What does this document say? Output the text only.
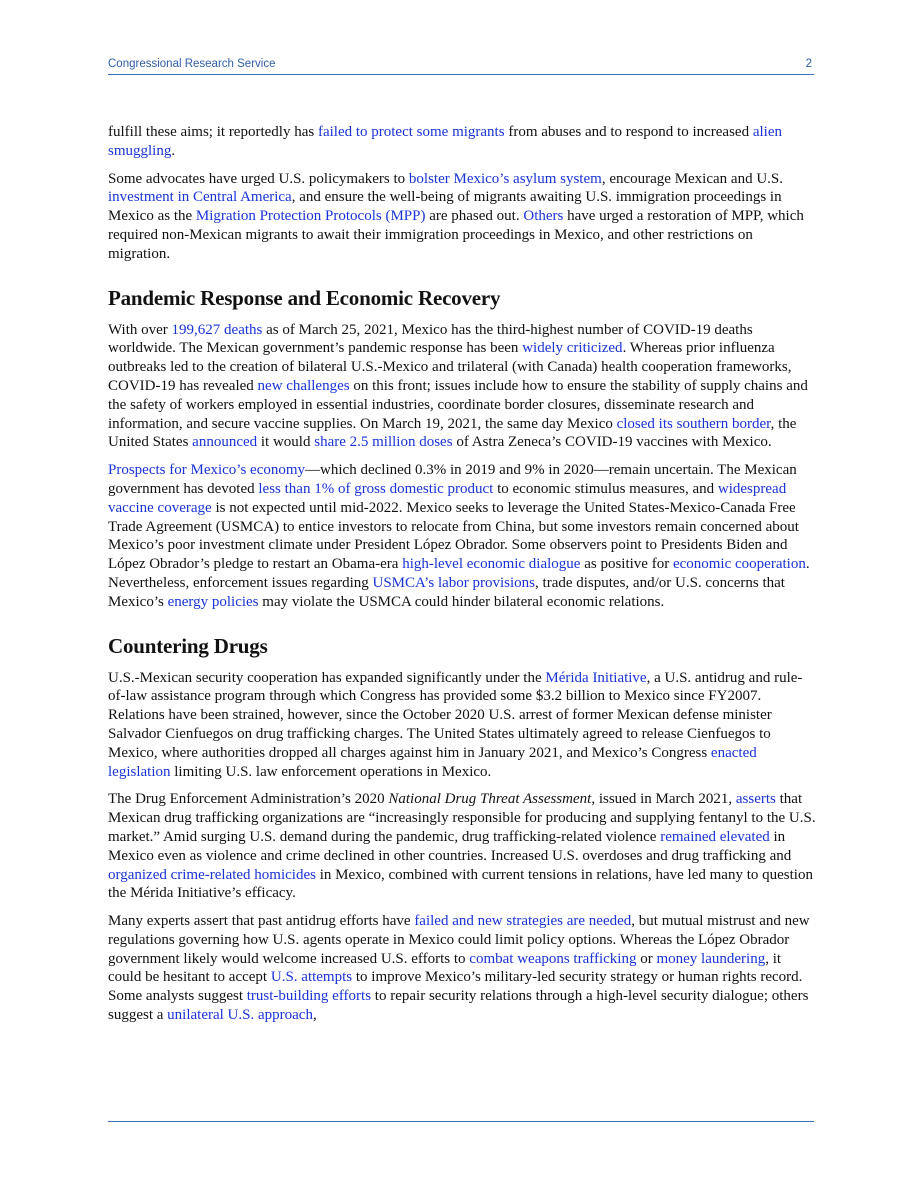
Congressional Research Service	2

fulfill these aims; it reportedly has failed to protect some migrants from abuses and to respond to increased alien smuggling.

Some advocates have urged U.S. policymakers to bolster Mexico’s asylum system, encourage Mexican and U.S. investment in Central America, and ensure the well-being of migrants awaiting U.S. immigration proceedings in Mexico as the Migration Protection Protocols (MPP) are phased out. Others have urged a restoration of MPP, which required non-Mexican migrants to await their immigration proceedings in Mexico, and other restrictions on migration.

Pandemic Response and Economic Recovery

With over 199,627 deaths as of March 25, 2021, Mexico has the third-highest number of COVID-19 deaths worldwide. The Mexican government’s pandemic response has been widely criticized. Whereas prior influenza outbreaks led to the creation of bilateral U.S.-Mexico and trilateral (with Canada) health cooperation frameworks, COVID-19 has revealed new challenges on this front; issues include how to ensure the stability of supply chains and the safety of workers employed in essential industries, coordinate border closures, disseminate research and information, and secure vaccine supplies. On March 19, 2021, the same day Mexico closed its southern border, the United States announced it would share 2.5 million doses of Astra Zeneca’s COVID-19 vaccines with Mexico.

Prospects for Mexico’s economy—which declined 0.3% in 2019 and 9% in 2020—remain uncertain. The Mexican government has devoted less than 1% of gross domestic product to economic stimulus measures, and widespread vaccine coverage is not expected until mid-2022. Mexico seeks to leverage the United States-Mexico-Canada Free Trade Agreement (USMCA) to entice investors to relocate from China, but some investors remain concerned about Mexico’s poor investment climate under President López Obrador. Some observers point to Presidents Biden and López Obrador’s pledge to restart an Obama-era high-level economic dialogue as positive for economic cooperation. Nevertheless, enforcement issues regarding USMCA’s labor provisions, trade disputes, and/or U.S. concerns that Mexico’s energy policies may violate the USMCA could hinder bilateral economic relations.

Countering Drugs

U.S.-Mexican security cooperation has expanded significantly under the Mérida Initiative, a U.S. antidrug and rule-of-law assistance program through which Congress has provided some $3.2 billion to Mexico since FY2007. Relations have been strained, however, since the October 2020 U.S. arrest of former Mexican defense minister Salvador Cienfuegos on drug trafficking charges. The United States ultimately agreed to release Cienfuegos to Mexico, where authorities dropped all charges against him in January 2021, and Mexico’s Congress enacted legislation limiting U.S. law enforcement operations in Mexico.

The Drug Enforcement Administration’s 2020 National Drug Threat Assessment, issued in March 2021, asserts that Mexican drug trafficking organizations are “increasingly responsible for producing and supplying fentanyl to the U.S. market.” Amid surging U.S. demand during the pandemic, drug trafficking-related violence remained elevated in Mexico even as violence and crime declined in other countries. Increased U.S. overdoses and drug trafficking and organized crime-related homicides in Mexico, combined with current tensions in relations, have led many to question the Mérida Initiative’s efficacy.

Many experts assert that past antidrug efforts have failed and new strategies are needed, but mutual mistrust and new regulations governing how U.S. agents operate in Mexico could limit policy options. Whereas the López Obrador government likely would welcome increased U.S. efforts to combat weapons trafficking or money laundering, it could be hesitant to accept U.S. attempts to improve Mexico’s military-led security strategy or human rights record. Some analysts suggest trust-building efforts to repair security relations through a high-level security dialogue; others suggest a unilateral U.S. approach,
